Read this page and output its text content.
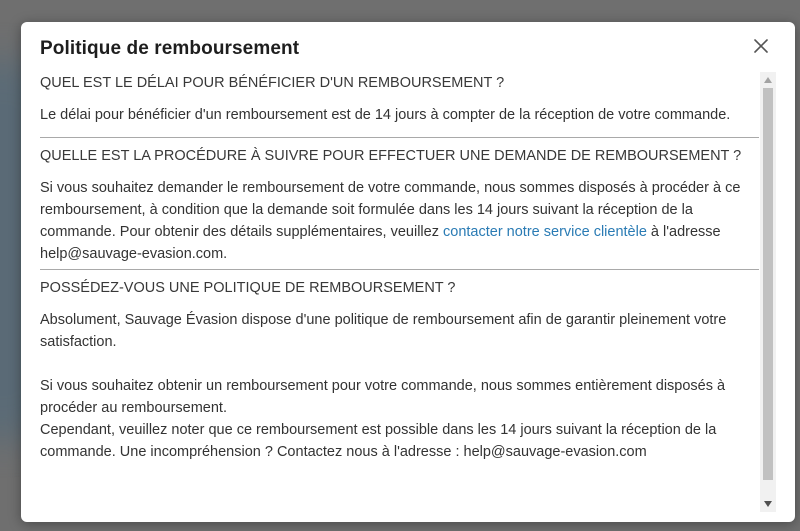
Politique de remboursement
QUEL EST LE DÉLAI POUR BÉNÉFICIER D'UN REMBOURSEMENT ?

Le délai pour bénéficier d'un remboursement est de 14 jours à compter de la réception de votre commande.

QUELLE EST LA PROCÉDURE À SUIVRE POUR EFFECTUER UNE DEMANDE DE REMBOURSEMENT ?

Si vous souhaitez demander le remboursement de votre commande, nous sommes disposés à procéder à ce remboursement, à condition que la demande soit formulée dans les 14 jours suivant la réception de la commande. Pour obtenir des détails supplémentaires, veuillez contacter notre service clientèle à l'adresse help@sauvage-evasion.com.

POSSÉDEZ-VOUS UNE POLITIQUE DE REMBOURSEMENT ?

Absolument, Sauvage Évasion dispose d'une politique de remboursement afin de garantir pleinement votre satisfaction.

Si vous souhaitez obtenir un remboursement pour votre commande, nous sommes entièrement disposés à procéder au remboursement.

Cependant, veuillez noter que ce remboursement est possible dans les 14 jours suivant la réception de la commande. Une incompréhension ? Contactez nous à l'adresse : help@sauvage-evasion.com
